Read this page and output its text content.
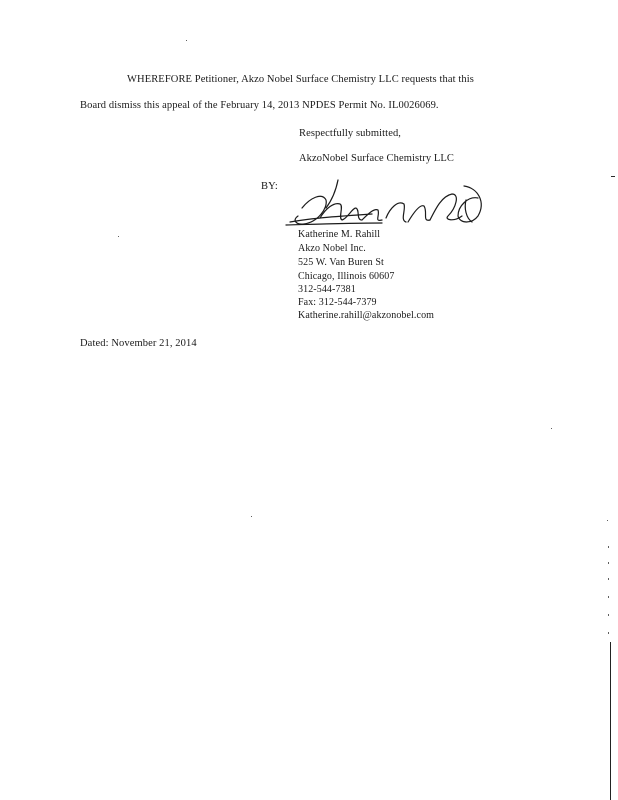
WHEREFORE Petitioner, Akzo Nobel Surface Chemistry LLC requests that this
Board dismiss this appeal of the February 14, 2013 NPDES Permit No. IL0026069.
Respectfully submitted,
AkzoNobel Surface Chemistry LLC
BY:
Katherine M. Rahill
Akzo Nobel Inc.
525 W. Van Buren St
Chicago, Illinois 60607
312-544-7381
Fax: 312-544-7379
Katherine.rahill@akzonobel.com
Dated: November 21, 2014
